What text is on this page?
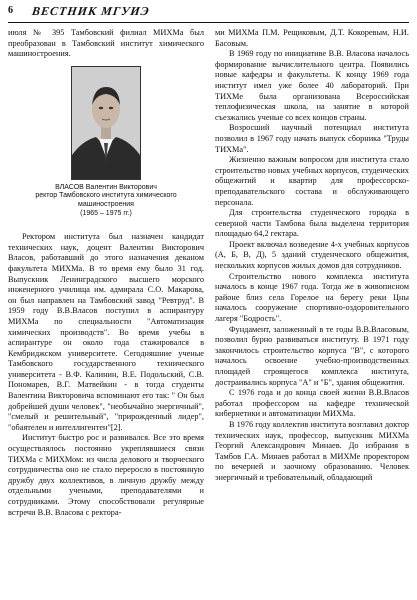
6 ВЕСТНИК МГУИЭ

июля № 395 Тамбовский филиал МИХМа был преобразован в Тамбовский институт химического машиностроения.

ВЛАСОВ Валентин Викторович
ректор Тамбовского института химического машиностроения
(1965 – 1975 гг.)

Ректором института был назначен кандидат технических наук, доцент Валентин Викторович Власов, работавший до этого назначения деканом факультета МИХМа. В то время ему было 31 год. Выпускник Ленинградского высшего морского инженерного училища им. адмирала С.О. Макарова, он был направлен на Тамбовский завод "Ревтруд". В 1959 году В.В.Власов поступил в аспирантуру МИХМа по специальности "Автоматизация химических производств". Во время учебы в аспирантуре он около года стажировался в Кембриджском университете. Сегодняшние ученые Тамбовского государственного технического университета - В.Ф. Калинин, В.Е. Подольский, С.В. Пономарев, В.Г. Матвейкин - в тогда студенты Валентина Викторовича вспоминают его так: " Он был добрейшей души человек", "необычайно энергичный", "смелый и решительный", "прирожденный лидер", "обаятелен и интеллигентен"[2].

Институт быстро рос и развивался. Все это время осуществлялось постоянно укреплявшиеся связи ТИХМа с МИХМом: из числа делового и творческого сотрудничества оно не стало переросло в постоянную дружбу двух коллективов, в личную дружбу между отдельными учеными, преподавателями и сотрудниками. Этому способствовали регулярные встречи В.В. Власова с ректора-

ми МИХМа П.М. Рещиковым, Д.Т. Кокоревым, Н.И. Басовым.

В 1969 году по инициативе В.В. Власова началось формирование вычислительного центра. Появились новые кафедры и факультеты. К концу 1969 года институт имел уже более 40 лабораторий. При ТИХМе была организована Всероссийская теплофизическая школа, на занятие в которой съезжались ученые со всех концов страны.

Возросший научный потенциал института позволил в 1967 году начать выпуск сборника "Труды ТИХМа".

Жизненно важным вопросом для института стало строительство новых учебных корпусов, студенческих общежитий и квартир для профессорско-преподавательского состава и обслуживающего персонала.

Для строительства студенческого городка в северной части Тамбова была выделена территория площадью 64,2 гектара.

Проект включал возведение 4-х учебных корпусов (А, Б, В, Д), 5 зданий студенческого общежития, нескольких корпусов жилых домов для сотрудников.

Строительство нового комплекса института началось в конце 1967 года. Тогда же в живописном районе близ села Горелое на берегу реки Цны началось сооружение спортивно-оздоровительного лагеря "Бодрость".

Фундамент, заложенный в те годы В.В.Власовым, позволил бурно развиваться институту. В 1971 году закончилось строительство корпуса "В", с которого началось освоение учебно-производственных площадей строящегося комплекса института, достраивались корпуса "А" и "Б", здания общежития.

С 1976 года и до конца своей жизни В.В.Власов работал профессором на кафедре технической кибернетики и автоматизации МИХМа.

В 1976 году коллектив института возглавил доктор технических наук, профессор, выпускник МИХМа Георгий Александрович Минаев. До избрания в Тамбов Г.А. Минаев работал в МИХМе проректором по вечерней и заочному образованию. Человек энергичный и требовательный, обладающий
